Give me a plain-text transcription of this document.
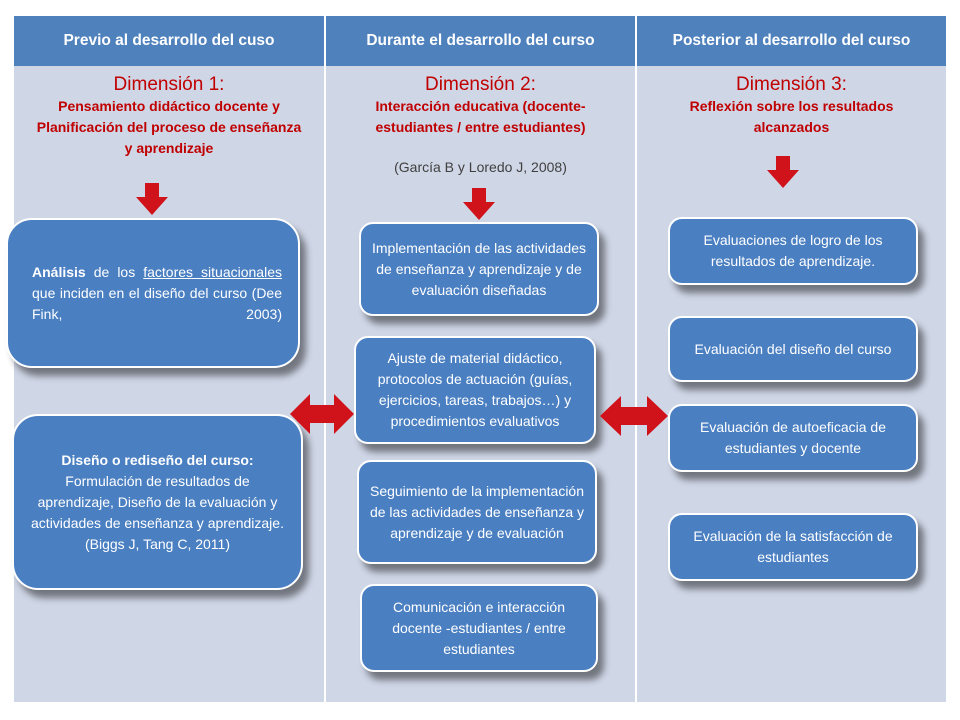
Previo al desarrollo del cuso
Dimensión 1:
Pensamiento didáctico docente y Planificación del proceso de enseñanza y aprendizaje
Durante el desarrollo del curso
Dimensión 2:
Interacción educativa (docente-estudiantes / entre estudiantes)
(García B y Loredo J, 2008)
Posterior al desarrollo del curso
Dimensión 3:
Reflexión sobre los resultados alcanzados
Análisis de los factores situacionales que inciden en el diseño del curso (Dee Fink, 2003)
Diseño o rediseño del curso:
Formulación de resultados de aprendizaje, Diseño de la evaluación y actividades de enseñanza y aprendizaje. (Biggs J, Tang C, 2011)
Implementación de las actividades de enseñanza y aprendizaje y de evaluación diseñadas
Ajuste de material didáctico, protocolos de actuación (guías, ejercicios, tareas, trabajos…) y procedimientos evaluativos
Seguimiento de la implementación de las actividades de enseñanza y aprendizaje y de evaluación
Comunicación e interacción docente -estudiantes / entre estudiantes
Evaluaciones de logro de los resultados de aprendizaje.
Evaluación del diseño del curso
Evaluación de autoeficacia de estudiantes y docente
Evaluación de la satisfacción de estudiantes
